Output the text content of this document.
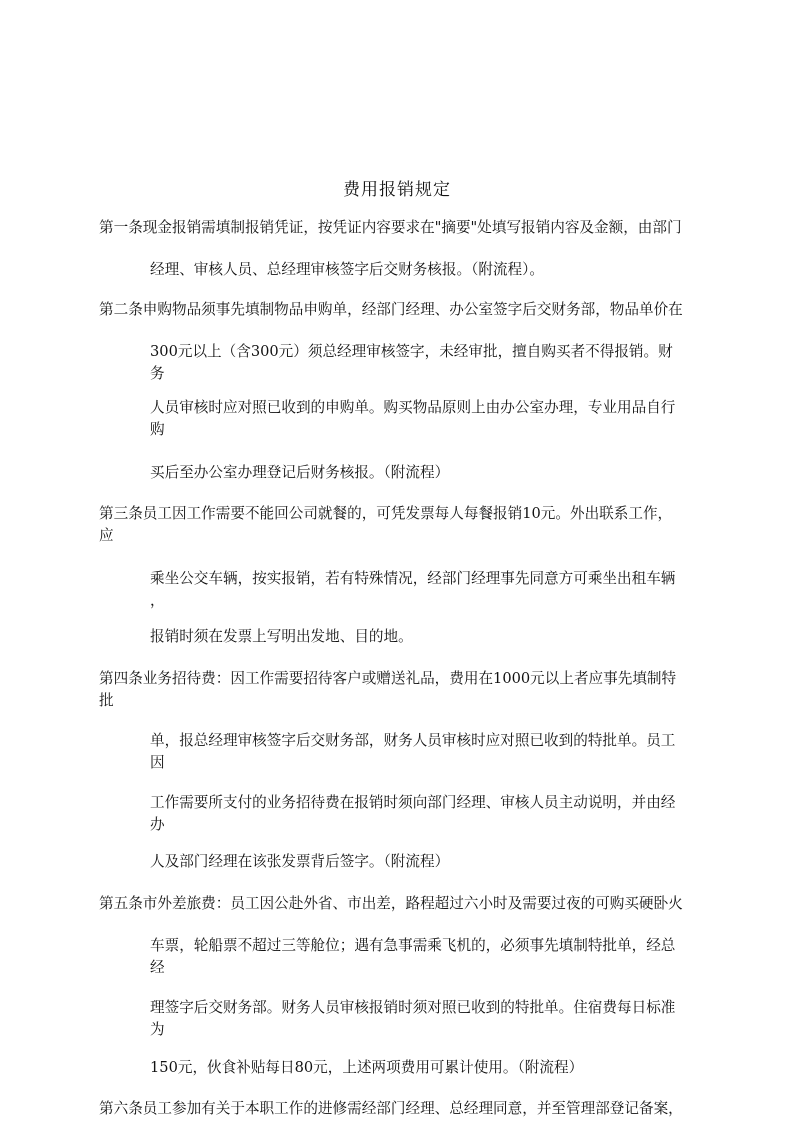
费用报销规定
第一条现金报销需填制报销凭证，按凭证内容要求在"摘要"处填写报销内容及金额，由部门
经理、审核人员、总经理审核签字后交财务核报。（附流程）。
第二条申购物品须事先填制物品申购单，经部门经理、办公室签字后交财务部，物品单价在
300元以上（含300元）须总经理审核签字，未经审批，擅自购买者不得报销。财
务
人员审核时应对照已收到的申购单。购买物品原则上由办公室办理，专业用品自行
购
买后至办公室办理登记后财务核报。（附流程）
第三条员工因工作需要不能回公司就餐的，可凭发票每人每餐报销10元。外出联系工作，
应
乘坐公交车辆，按实报销，若有特殊情况，经部门经理事先同意方可乘坐出租车辆
，
报销时须在发票上写明出发地、目的地。
第四条业务招待费：因工作需要招待客户或赠送礼品，费用在1000元以上者应事先填制特
批
单，报总经理审核签字后交财务部，财务人员审核时应对照已收到的特批单。员工
因
工作需要所支付的业务招待费在报销时须向部门经理、审核人员主动说明，并由经
办
人及部门经理在该张发票背后签字。（附流程）
第五条市外差旅费：员工因公赴外省、市出差，路程超过六小时及需要过夜的可购买硬卧火
车票，轮船票不超过三等舱位；遇有急事需乘飞机的，必须事先填制特批单，经总
经
理签字后交财务部。财务人员审核报销时须对照已收到的特批单。住宿费每日标准
为
150元，伙食补贴每日80元，上述两项费用可累计使用。（附流程）
第六条员工参加有关于本职工作的进修需经部门经理、总经理同意，并至管理部登记备案，
